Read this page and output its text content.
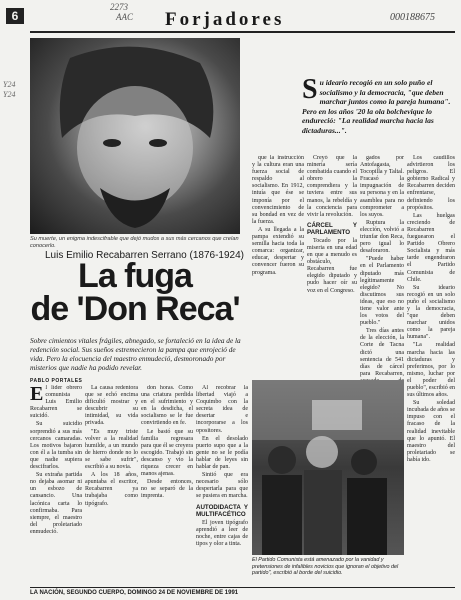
6
2273
AAC Forjadores	000188675
Y24 Y24
Su muerte, un enigma indescifrable que dejó mudos a sus más cercanos que creían conocerlo.
S u ideario recogió en un solo puño el socialismo y la democracia, "que deben marchar juntos como la pareja humana". Pero en los años '20 la ola bolchevique lo endureció: "La realidad marcha hacia las dictaduras...".
Luis Emilio Recabarren Serrano (1876-1924)
La fuga
de 'Don Reca'
Sobre cimientos vitales frágiles, abnegado, se fortaleció en la idea de la redención social. Sus sueños estremecieron la pampa que enrojeció de vida. Pero la elocuencia del maestro enmudeció, desmoronado por misterios que nadie ha podido revelar.
PABLO PORTALES

El líder obrero comunista Luis Emilio Recabarren se suicidó.

Su suicidio sorprendió a sus más cercanos camaradas. Los motivos bajaron con él a la tumba sin que nadie supiera descifrarlos.

Su extraña partida no dejaba asomar ni un esbozo de cansancio. Una lacónica carta lo confirmaba. Para siempre, el maestro del proletariado enmudeció.

La causa redentora que se echó encima dificultó mostrar y descubrir su intimidad, su vida privada.

"Es muy triste volver a la realidad humilde, a un mundo de hierro donde no lo se sabe sufrir", escribió a su novia.

A los 18 años, apuntaba el escritor, Recabarren ya trabajaba como tipógrafo.

don horas. Como una criatura perdida en el sufrimiento y en la desdicha, el socialismo se le fue convirtiendo en fe.

Le bastó que su familia regresara para que él se creyera escogido. Trabajó sin descanso y vio la riqueza crecer en manos ajenas.

Desde entonces, no se separó de la imprenta.

Al recobrar la libertad viajó a Coquimbo con la secreta idea de desertar e incorporarse a los opositores.

En el desolado puerto supo que a la gente no se le podía hablar de leyes sin hablar de pan.

Sintió que era necesario sólo despertarla para que se pusiera en marcha.

AUTODIDACTA Y MULTIFACÉTICO

El joven tipógrafo aprendió a leer de noche, entre cajas de tipos y olor a tinta.

que la instrucción y la cultura eran una fuerza social de respaldo al socialismo. En 1912, intuía que ése se imponía por el convencimiento de su bondad en vez de la fuerza.

A su llegada a la pampa extendió su semilla hacia toda la comarca: organizar, educar, despertar y convencer fueron su programa.

Creyó que la minería sería combatida cuando el obrero la comprendiera y la tuviera entre sus manos, la rebeldía y la conciencia para vivir la revolución.

CÁRCEL Y PARLAMENTO

Tocado por la miseria en una edad en que a menudo es obstáculo, Recabarren fue elegido diputado y pudo hacer oír su voz en el Congreso.

gados por Antofagasta, Tocopilla y Taltal. Fracasó la impugnación de su persona y en la asamblea para no comprometer a los suyos.

Ruptura la elección, volvió a triunfar don Reca, pero igual lo desaforaron.

"Puede haber en el Parlamento diputado más legítimamente elegido? No discutimos sus ideas, que eso no tiene valor ante los votos del pueblo."

Tres días antes de la elección, la Corte de Tacna dictó una sentencia de 541 días de cárcel para Recabarren,

Los caudillos advirtieron los peligros. El gobierno Radical y Recabarren deciden enfrentarse, definiendo los propósitos.

Las huelgas creciendo de Recabarren fueguearon el Partido Obrero Socialista y más tarde engendraron el Partido Comunista de Chile.

Su ideario recogió en un solo puño el socialismo y la democracia, "que deben marchar unidos como la pareja humana".

"La realidad marcha hacia las dictaduras y preferimos, por lo mismo, luchar por el poder del pueblo", escribió en sus últimos años.

Su soledad incubada de años se impuso con el fracaso de la realidad inevitable que lo apuntó. El maestro del proletariado se había ido.

El Partido Comunista está amenazado por la vanidad y pretensiones de infalibles novicios que ignoran el objetivo del partido", escribió al borde del suicidio.
LA NACIÓN, SEGUNDO CUERPO, DOMINGO 24 DE NOVIEMBRE DE 1991
